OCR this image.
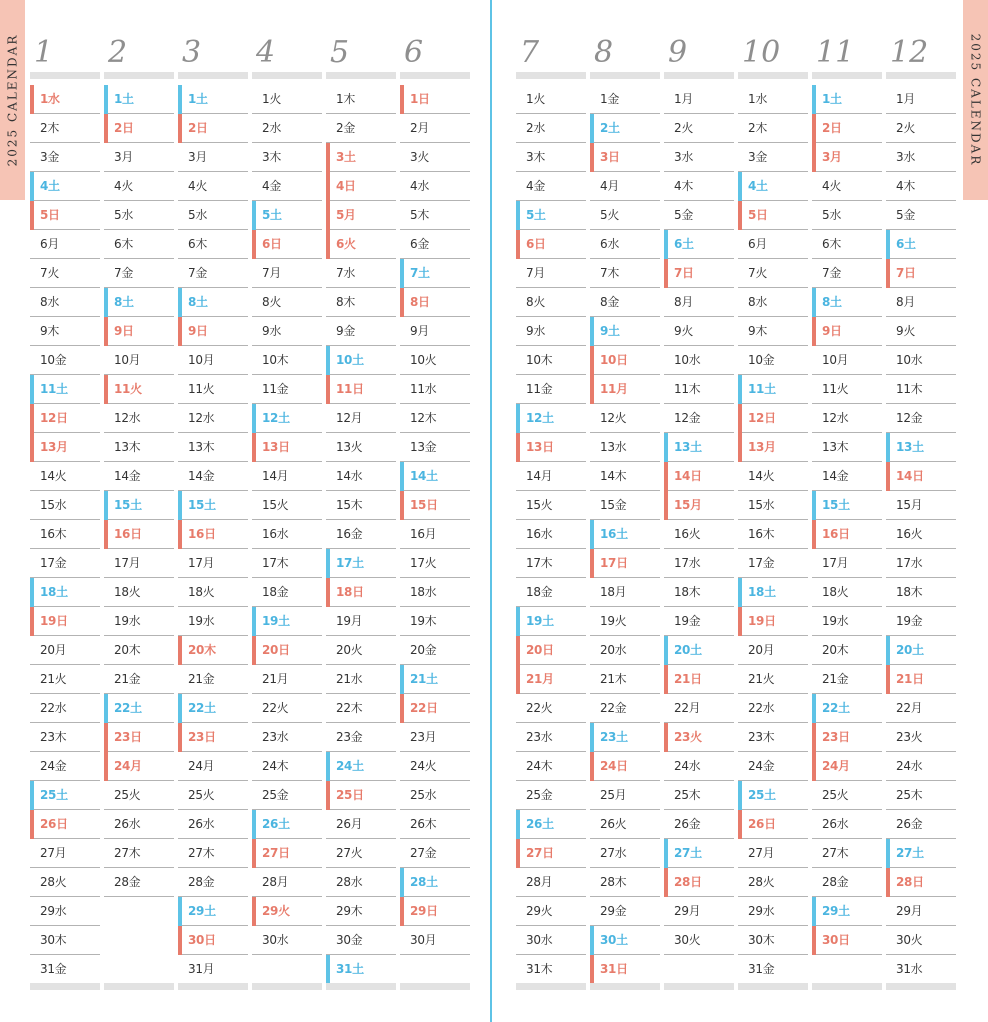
1
1水
2木
3金
4土
5日
6月
7火
8水
9木
10金
11土
12日
13月
14火
15水
16木
17金
18土
19日
20月
21火
22水
23木
24金
25土
26日
27月
28火
29水
30木
31金
2
1土
2日
3月
4火
5水
6木
7金
8土
9日
10月
11火
12水
13木
14金
15土
16日
17月
18火
19水
20木
21金
22土
23日
24月
25火
26水
27木
28金
3
1土
2日
3月
4火
5水
6木
7金
8土
9日
10月
11火
12水
13木
14金
15土
16日
17月
18火
19水
20木
21金
22土
23日
24月
25火
26水
27木
28金
29土
30日
31月
4
1火
2水
3木
4金
5土
6日
7月
8火
9水
10木
11金
12土
13日
14月
15火
16水
17木
18金
19土
20日
21月
22火
23水
24木
25金
26土
27日
28月
29火
30水
5
1木
2金
3土
4日
5月
6火
7水
8木
9金
10土
11日
12月
13火
14水
15木
16金
17土
18日
19月
20火
21水
22木
23金
24土
25日
26月
27火
28水
29木
30金
31土
6
1日
2月
3火
4水
5木
6金
7土
8日
9月
10火
11水
12木
13金
14土
15日
16月
17火
18水
19木
20金
21土
22日
23月
24火
25水
26木
27金
28土
29日
30月
7
1火
2水
3木
4金
5土
6日
7月
8火
9水
10木
11金
12土
13日
14月
15火
16水
17木
18金
19土
20日
21月
22火
23水
24木
25金
26土
27日
28月
29火
30水
31木
8
1金
2土
3日
4月
5火
6水
7木
8金
9土
10日
11月
12火
13水
14木
15金
16土
17日
18月
19火
20水
21木
22金
23土
24日
25月
26火
27水
28木
29金
30土
31日
9
1月
2火
3水
4木
5金
6土
7日
8月
9火
10水
11木
12金
13土
14日
15月
16火
17水
18木
19金
20土
21日
22月
23火
24水
25木
26金
27土
28日
29月
30火
10
1水
2木
3金
4土
5日
6月
7火
8水
9木
10金
11土
12日
13月
14火
15水
16木
17金
18土
19日
20月
21火
22水
23木
24金
25土
26日
27月
28火
29水
30木
31金
11
1土
2日
3月
4火
5水
6木
7金
8土
9日
10月
11火
12水
13木
14金
15土
16日
17月
18火
19水
20木
21金
22土
23日
24月
25火
26水
27木
28金
29土
30日
12
1月
2火
3水
4木
5金
6土
7日
8月
9火
10水
11木
12金
13土
14日
15月
16火
17水
18木
19金
20土
21日
22月
23火
24水
25木
26金
27土
28日
29月
30火
31水
2025 CALENDAR	2025 CALENDAR
